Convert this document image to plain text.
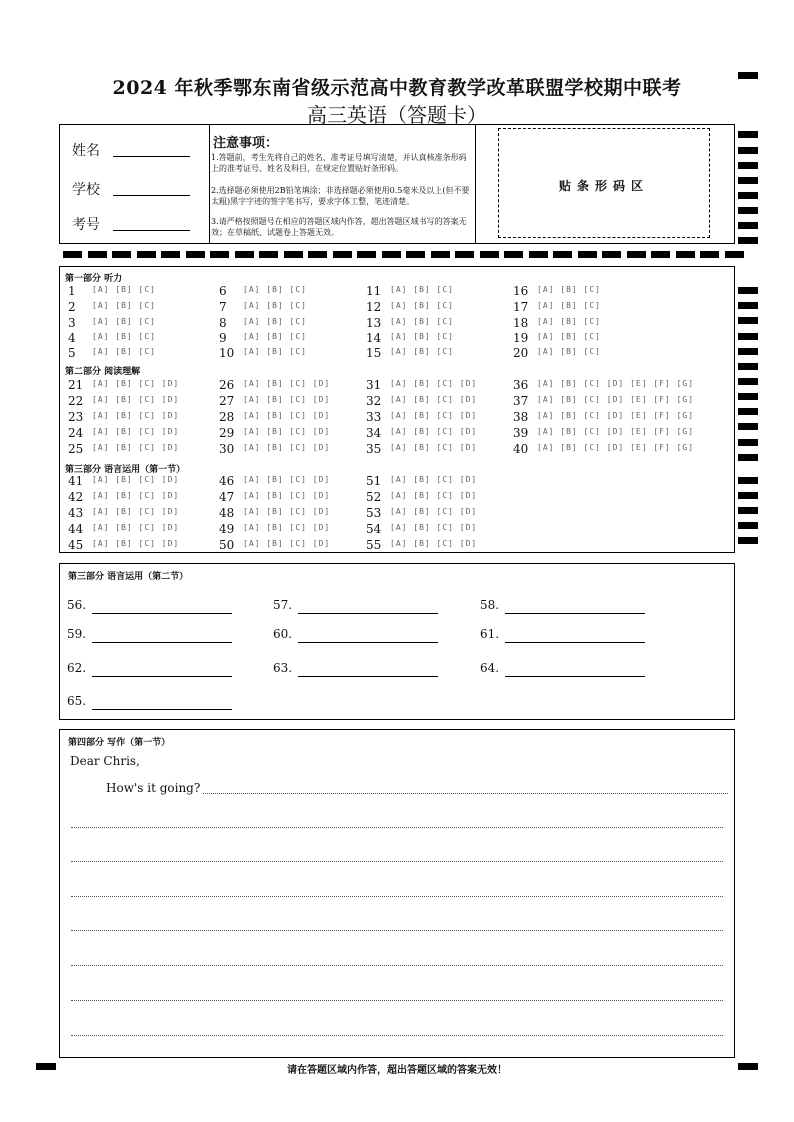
2024 年秋季鄂东南省级示范高中教育教学改革联盟学校期中联考
高三英语（答题卡）
姓名
学校
考号
注意事项：
1.答题前，考生先将自己的姓名、准考证号填写清楚，并认真核准条形码上的准考证号、姓名及科目，在规定位置贴好条形码。
2.选择题必须使用2B铅笔填涂；非选择题必须使用0.5毫米及以上(但不要太粗)黑字字迹的签字笔书写，要求字体工整，笔迹清楚。
3.请严格按照题号在相应的答题区域内作答，超出答题区域书写的答案无效；在草稿纸、试题卷上答题无效。
贴条形码区
第一部分 听力
第二部分 阅读理解
第三部分 语言运用（第一节）
1	[A] [B] [C]
2	[A] [B] [C]
3	[A] [B] [C]
4	[A] [B] [C]
5	[A] [B] [C]
6	[A] [B] [C]
7	[A] [B] [C]
8	[A] [B] [C]
9	[A] [B] [C]
10	[A] [B] [C]
11	[A] [B] [C]
12	[A] [B] [C]
13	[A] [B] [C]
14	[A] [B] [C]
15	[A] [B] [C]
16	[A] [B] [C]
17	[A] [B] [C]
18	[A] [B] [C]
19	[A] [B] [C]
20	[A] [B] [C]
21	[A] [B] [C] [D]
22	[A] [B] [C] [D]
23	[A] [B] [C] [D]
24	[A] [B] [C] [D]
25	[A] [B] [C] [D]
26	[A] [B] [C] [D]
27	[A] [B] [C] [D]
28	[A] [B] [C] [D]
29	[A] [B] [C] [D]
30	[A] [B] [C] [D]
31	[A] [B] [C] [D]
32	[A] [B] [C] [D]
33	[A] [B] [C] [D]
34	[A] [B] [C] [D]
35	[A] [B] [C] [D]
36	[A] [B] [C] [D] [E] [F] [G]
37	[A] [B] [C] [D] [E] [F] [G]
38	[A] [B] [C] [D] [E] [F] [G]
39	[A] [B] [C] [D] [E] [F] [G]
40	[A] [B] [C] [D] [E] [F] [G]
41	[A] [B] [C] [D]
42	[A] [B] [C] [D]
43	[A] [B] [C] [D]
44	[A] [B] [C] [D]
45	[A] [B] [C] [D]
46	[A] [B] [C] [D]
47	[A] [B] [C] [D]
48	[A] [B] [C] [D]
49	[A] [B] [C] [D]
50	[A] [B] [C] [D]
51	[A] [B] [C] [D]
52	[A] [B] [C] [D]
53	[A] [B] [C] [D]
54	[A] [B] [C] [D]
55	[A] [B] [C] [D]
第三部分 语言运用（第二节）
56.	57.	58.
59.	60.	61.
62.	63.	64.
65.
第四部分 写作（第一节）
Dear Chris,
How's it going?
请在答题区域内作答，超出答题区域的答案无效！
